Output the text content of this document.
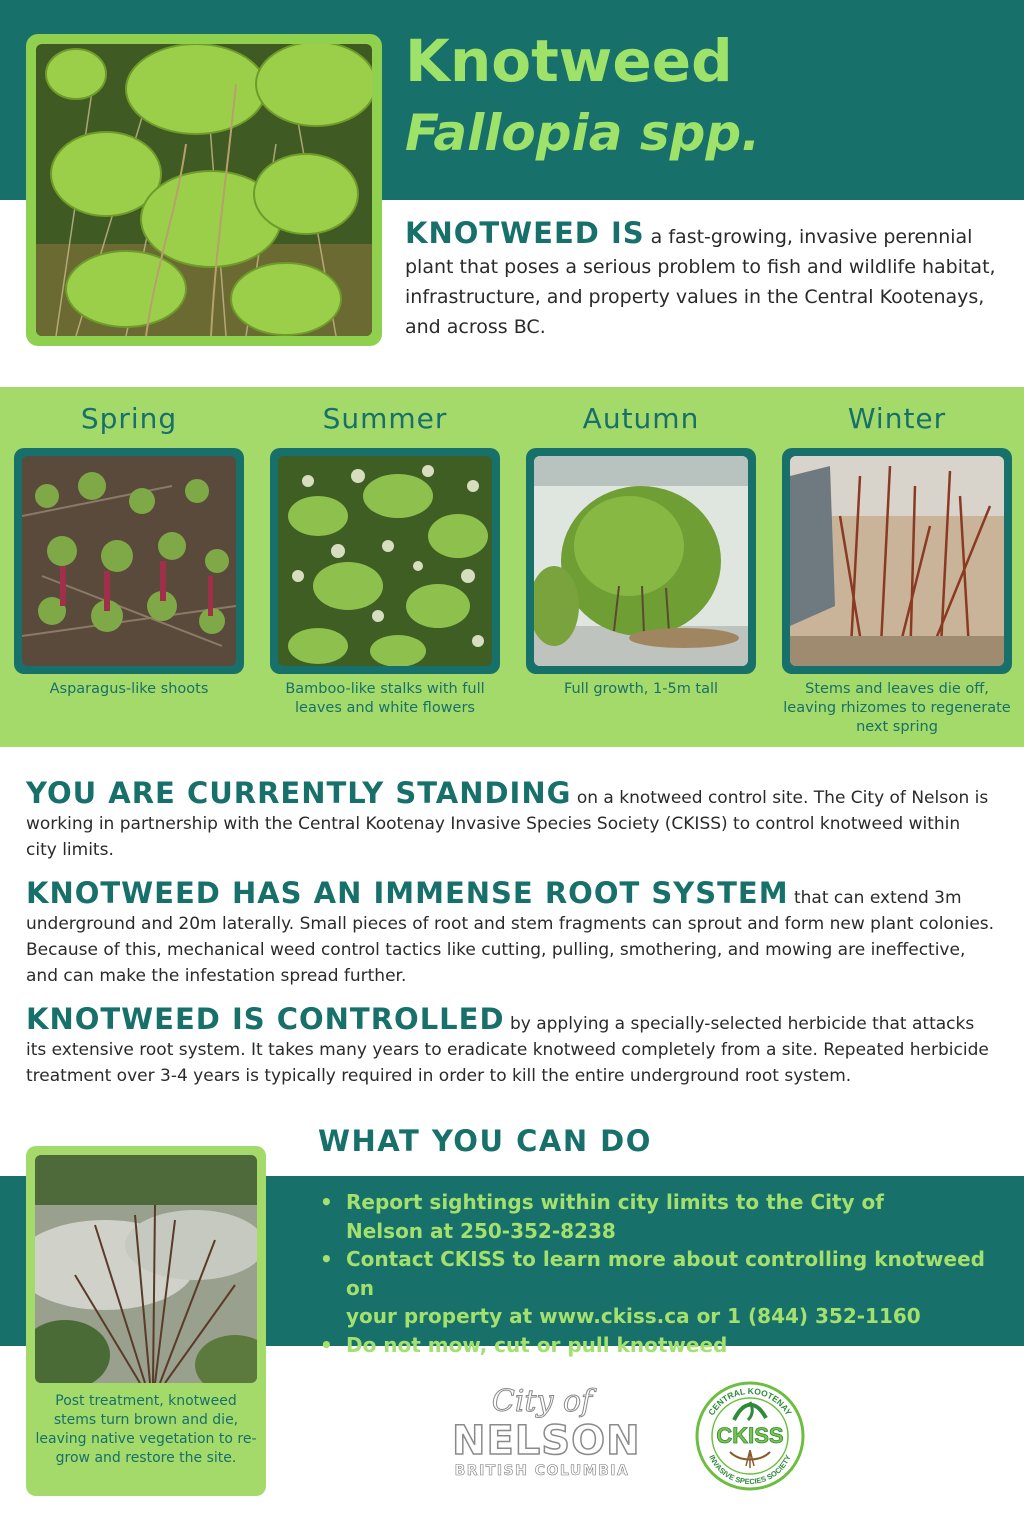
Knotweed
Fallopia spp.
KNOTWEED IS a fast-growing, invasive perennial plant that poses a serious problem to fish and wildlife habitat, infrastructure, and property values in the Central Kootenays, and across BC.
Spring
Asparagus-like shoots
Summer
Bamboo-like stalks with full leaves and white flowers
Autumn
Full growth, 1-5m tall
Winter
Stems and leaves die off, leaving rhizomes to regenerate next spring
YOU ARE CURRENTLY STANDING on a knotweed control site. The City of Nelson is working in partnership with the Central Kootenay Invasive Species Society (CKISS) to control knotweed within city limits.
KNOTWEED HAS AN IMMENSE ROOT SYSTEM that can extend 3m underground and 20m laterally. Small pieces of root and stem fragments can sprout and form new plant colonies. Because of this, mechanical weed control tactics like cutting, pulling, smothering, and mowing are ineffective, and can make the infestation spread further.
KNOTWEED IS CONTROLLED by applying a specially-selected herbicide that attacks its extensive root system. It takes many years to eradicate knotweed completely from a site. Repeated herbicide treatment over 3-4 years is typically required in order to kill the entire underground root system.
WHAT YOU CAN DO
• Report sightings within city limits to the City of
Nelson at 250-352-8238
• Contact CKISS to learn more about controlling knotweed on
your property at www.ckiss.ca or 1 (844) 352-1160
• Do not mow, cut or pull knotweed
Post treatment, knotweed stems turn brown and die, leaving native vegetation to re-grow and restore the site.
City of
NELSON
BRITISH COLUMBIA
CKISS
CENTRAL KOOTENAY
INVASIVE SPECIES SOCIETY
